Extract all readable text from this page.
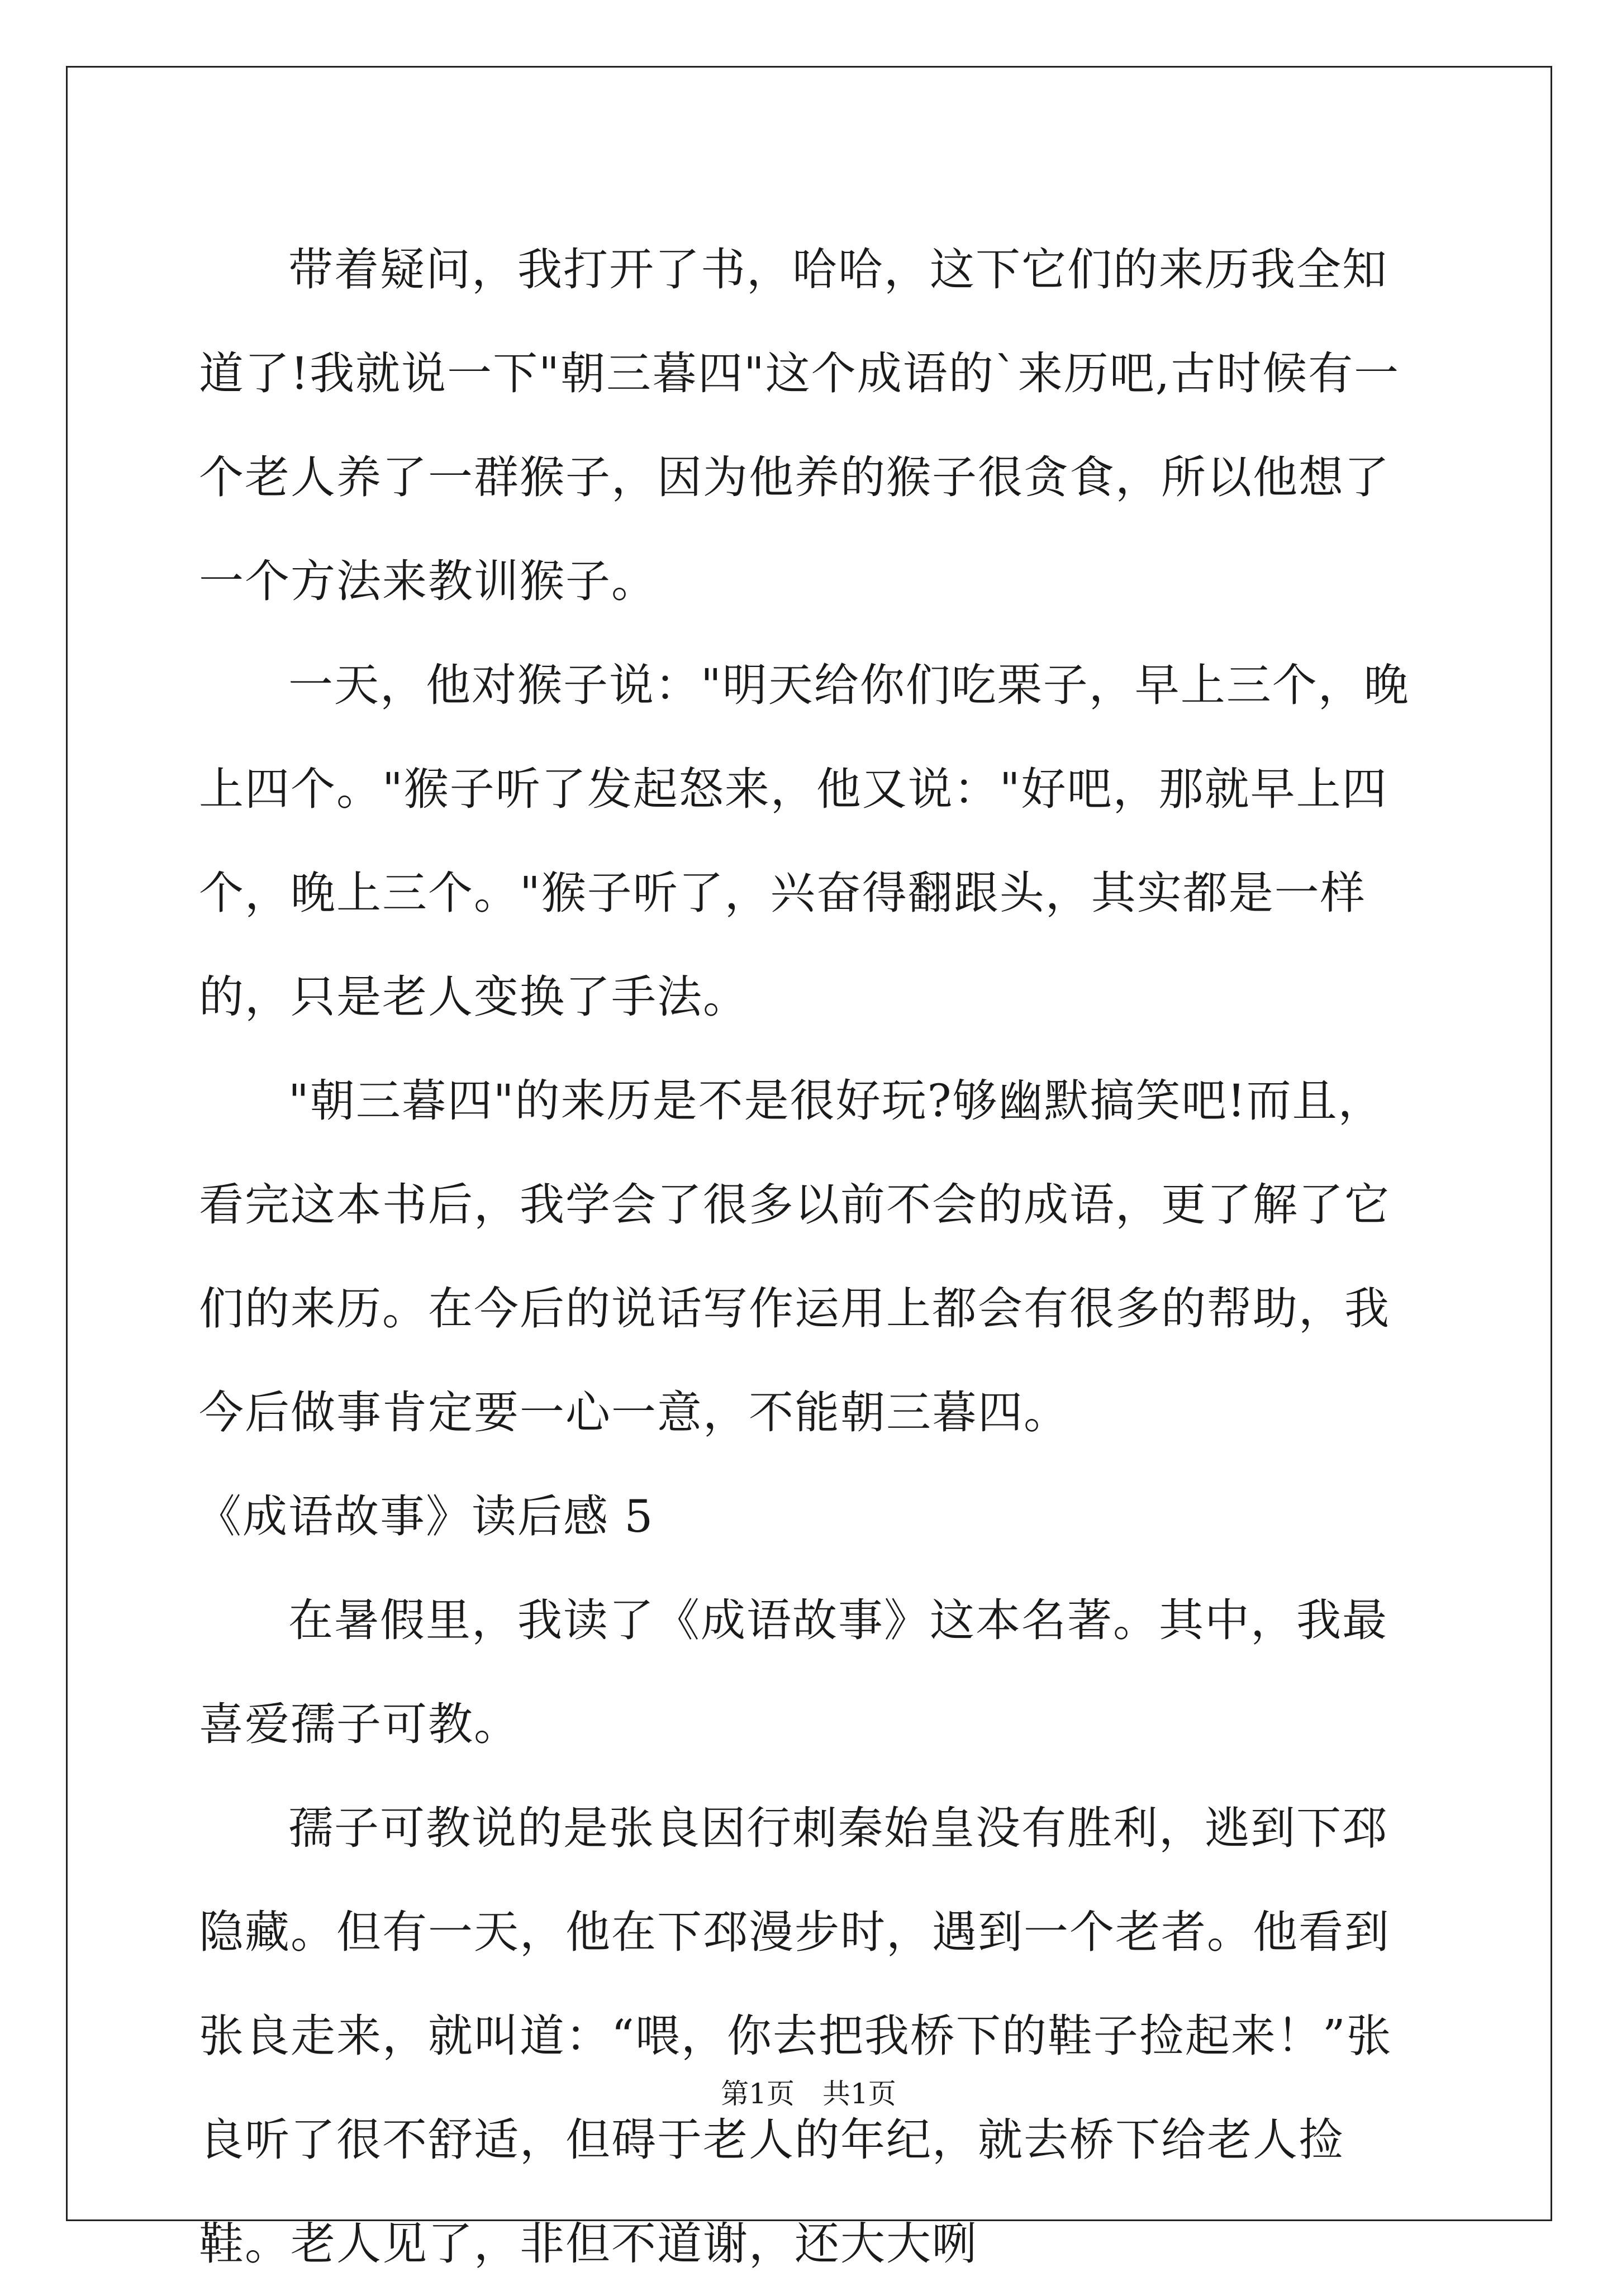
带着疑问，我打开了书，哈哈，这下它们的来历我全知道了!我就说一下"朝三暮四"这个成语的`来历吧,古时候有一个老人养了一群猴子，因为他养的猴子很贪食，所以他想了一个方法来教训猴子。

一天，他对猴子说："明天给你们吃栗子，早上三个，晚上四个。"猴子听了发起怒来，他又说："好吧，那就早上四个，晚上三个。"猴子听了，兴奋得翻跟头，其实都是一样的，只是老人变换了手法。

"朝三暮四"的来历是不是很好玩?够幽默搞笑吧!而且，看完这本书后，我学会了很多以前不会的成语，更了解了它们的来历。在今后的说话写作运用上都会有很多的帮助，我今后做事肯定要一心一意，不能朝三暮四。

《成语故事》读后感 5

在暑假里，我读了《成语故事》这本名著。其中，我最喜爱孺子可教。

孺子可教说的是张良因行刺秦始皇没有胜利，逃到下邳隐藏。但有一天，他在下邳漫步时，遇到一个老者。他看到张良走来，就叫道：“喂，你去把我桥下的鞋子捡起来！”张良听了很不舒适，但碍于老人的年纪，就去桥下给老人捡鞋。老人见了，非但不道谢，还大大咧

第1页　共1页
